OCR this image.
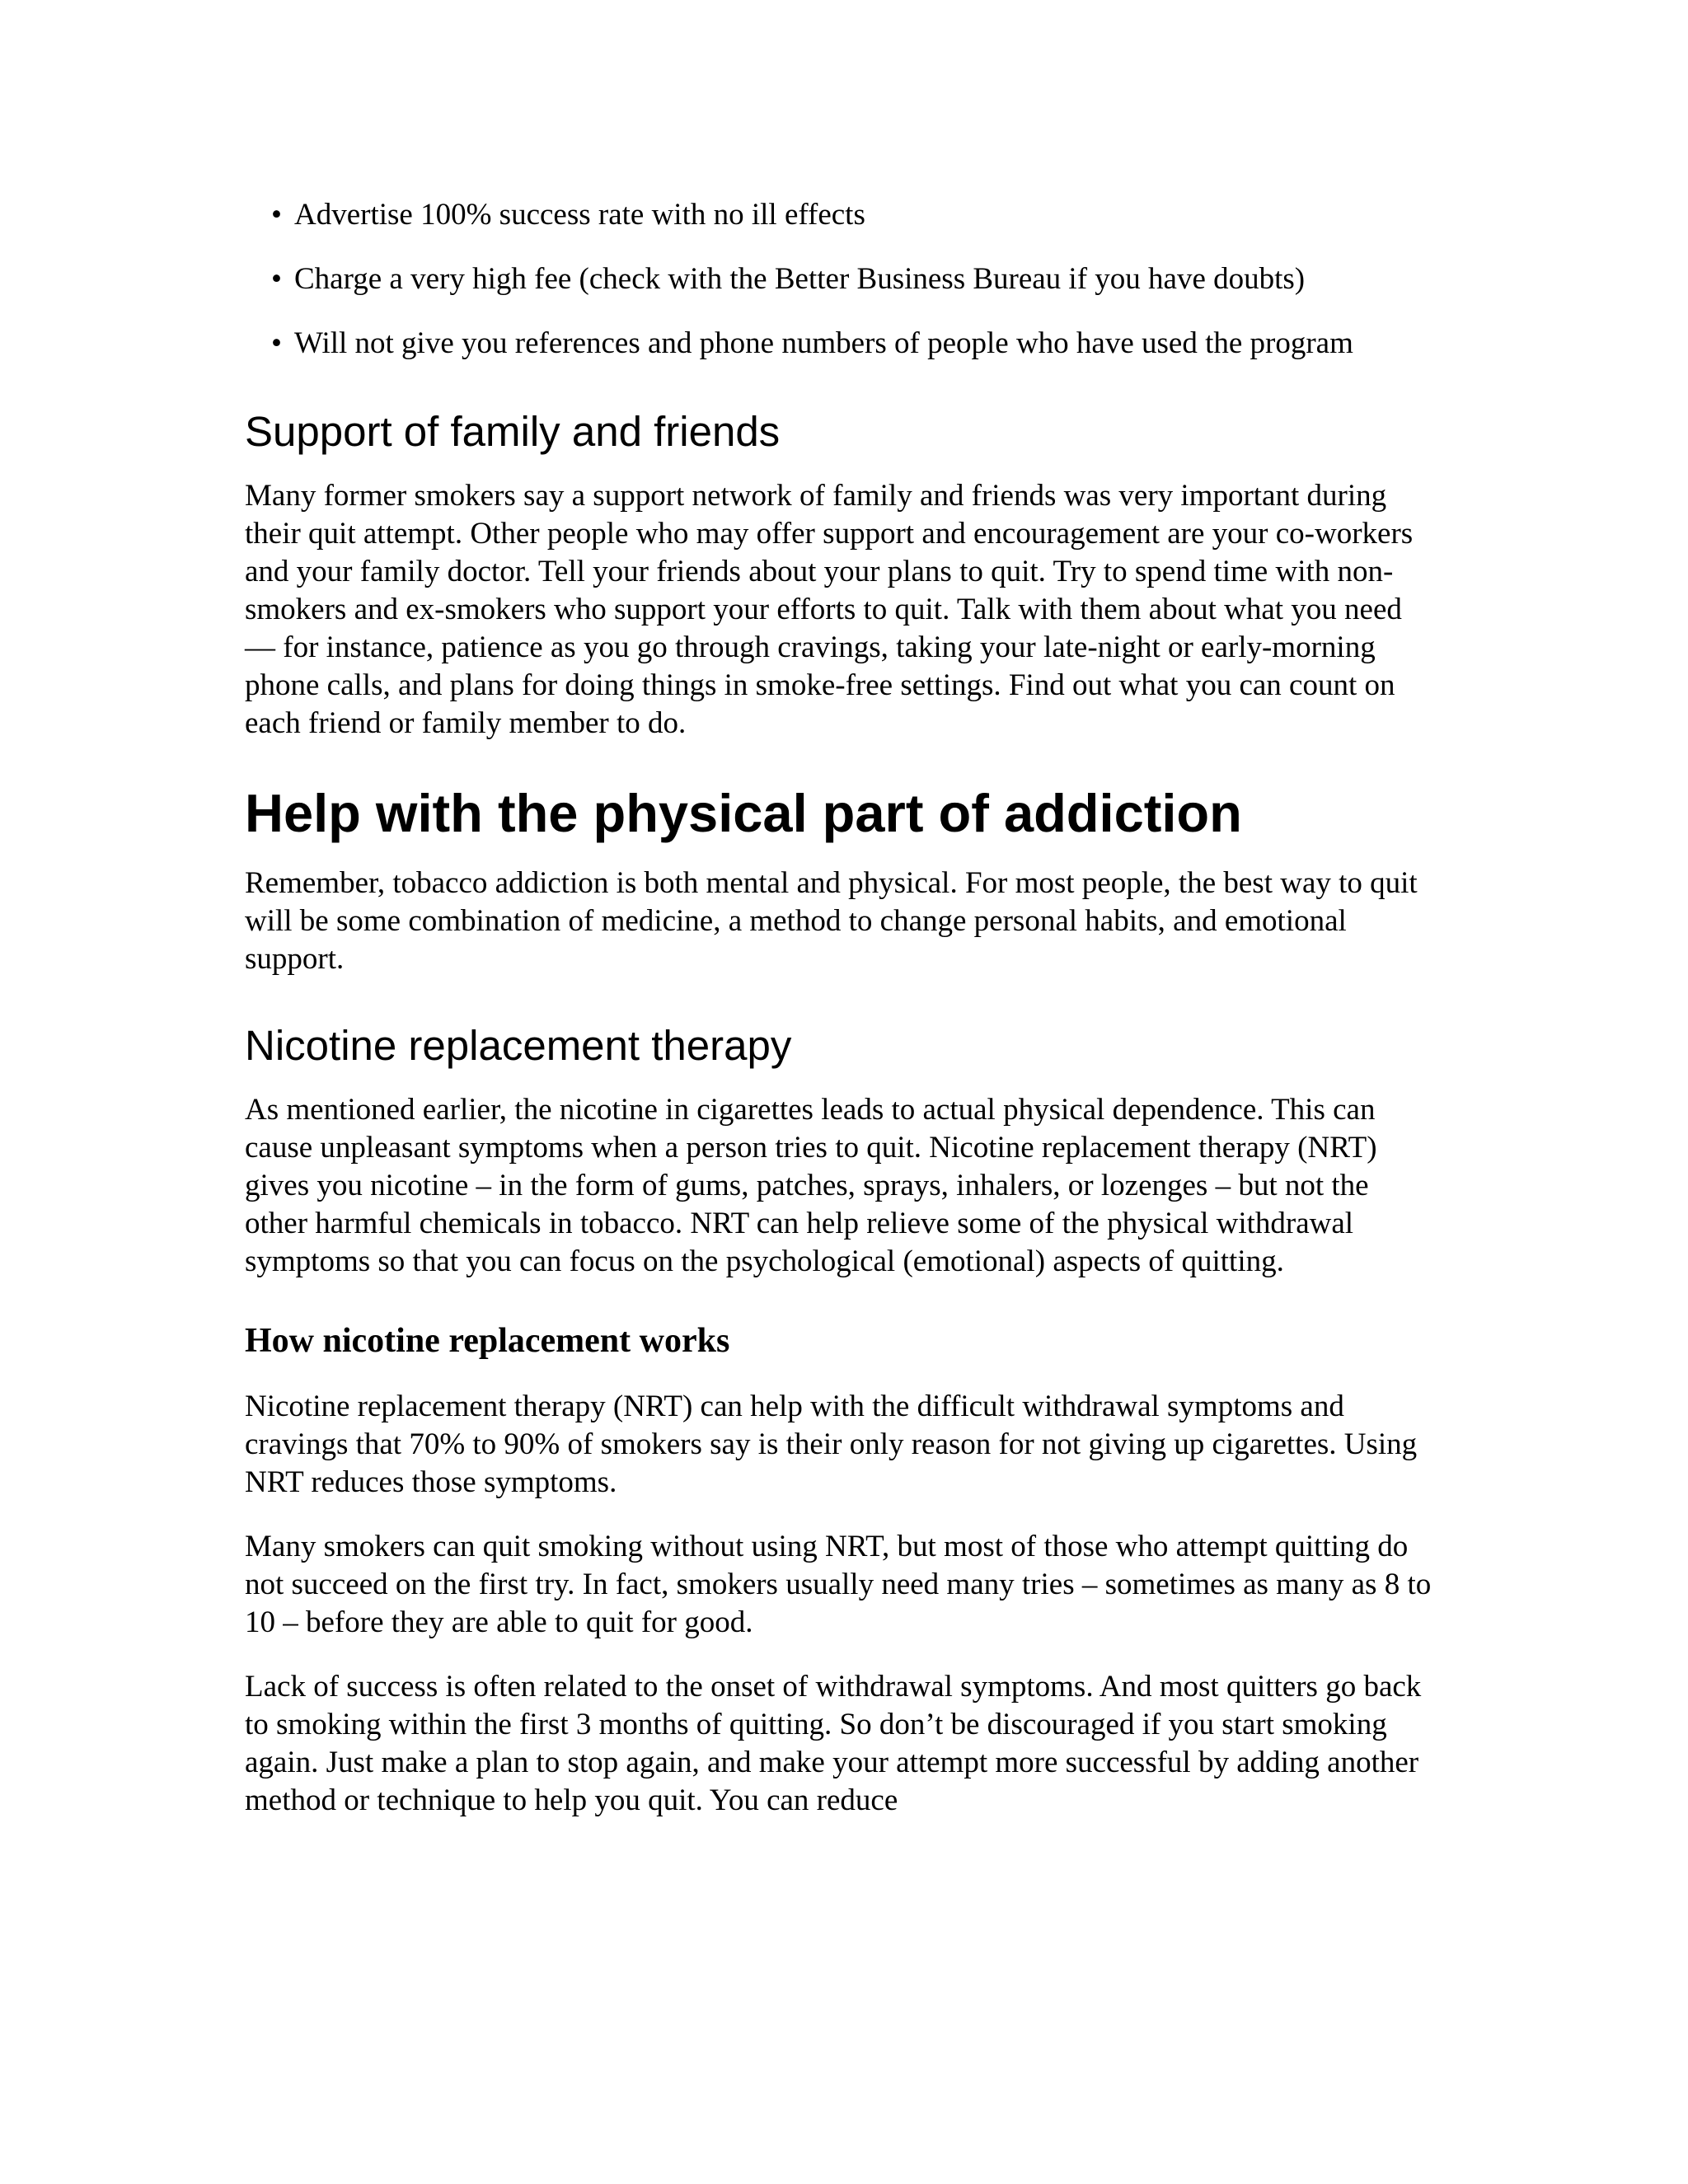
• Advertise 100% success rate with no ill effects
• Charge a very high fee (check with the Better Business Bureau if you have doubts)
• Will not give you references and phone numbers of people who have used the program
Support of family and friends

Many former smokers say a support network of family and friends was very important during their quit attempt. Other people who may offer support and encouragement are your co-workers and your family doctor. Tell your friends about your plans to quit. Try to spend time with non-smokers and ex-smokers who support your efforts to quit. Talk with them about what you need — for instance, patience as you go through cravings, taking your late-night or early-morning phone calls, and plans for doing things in smoke-free settings. Find out what you can count on each friend or family member to do.

Help with the physical part of addiction

Remember, tobacco addiction is both mental and physical. For most people, the best way to quit will be some combination of medicine, a method to change personal habits, and emotional support.

Nicotine replacement therapy

As mentioned earlier, the nicotine in cigarettes leads to actual physical dependence. This can cause unpleasant symptoms when a person tries to quit. Nicotine replacement therapy (NRT) gives you nicotine – in the form of gums, patches, sprays, inhalers, or lozenges – but not the other harmful chemicals in tobacco. NRT can help relieve some of the physical withdrawal symptoms so that you can focus on the psychological (emotional) aspects of quitting.

How nicotine replacement works

Nicotine replacement therapy (NRT) can help with the difficult withdrawal symptoms and cravings that 70% to 90% of smokers say is their only reason for not giving up cigarettes. Using NRT reduces those symptoms.

Many smokers can quit smoking without using NRT, but most of those who attempt quitting do not succeed on the first try. In fact, smokers usually need many tries – sometimes as many as 8 to 10 – before they are able to quit for good.

Lack of success is often related to the onset of withdrawal symptoms. And most quitters go back to smoking within the first 3 months of quitting. So don’t be discouraged if you start smoking again. Just make a plan to stop again, and make your attempt more successful by adding another method or technique to help you quit. You can reduce
